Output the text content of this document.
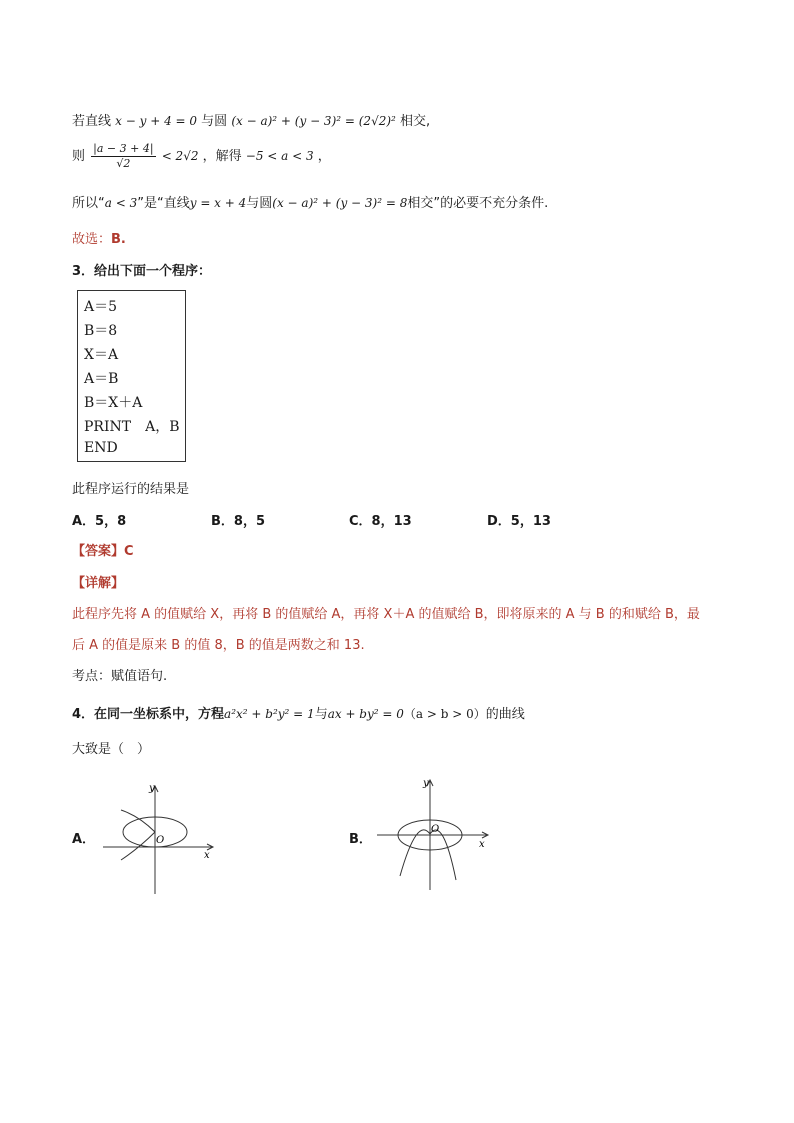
若直线 x − y + 4 = 0 与圆 (x − a)² + (y − 3)² = (2√2)² 相交,
则 $\frac{|a - 3 + 4|}{√2} < 2√2$ ，解得 −5 < a < 3 ，
所以“a < 3”是“直线y = x + 4与圆(x − a)² + (y − 3)² = 8相交”的必要不充分条件.
故选：B.
3．给出下面一个程序：
A＝5
B＝8
X＝A
A＝B
B＝X＋A
PRINT　A，B
END
此程序运行的结果是
A．5，8	B．8，5	C．8，13	D．5，13
【答案】C
【详解】
此程序先将 A 的值赋给 X，再将 B 的值赋给 A，再将 X＋A 的值赋给 B，即将原来的 A 与 B 的和赋给 B，最
后 A 的值是原来 B 的值 8，B 的值是两数之和 13.
考点：赋值语句.
4．在同一坐标系中，方程a²x² + b²y² = 1与ax + by² = 0（a > b > 0）的曲线
大致是（　）
A．
y
x
O	B．
y
x
O
